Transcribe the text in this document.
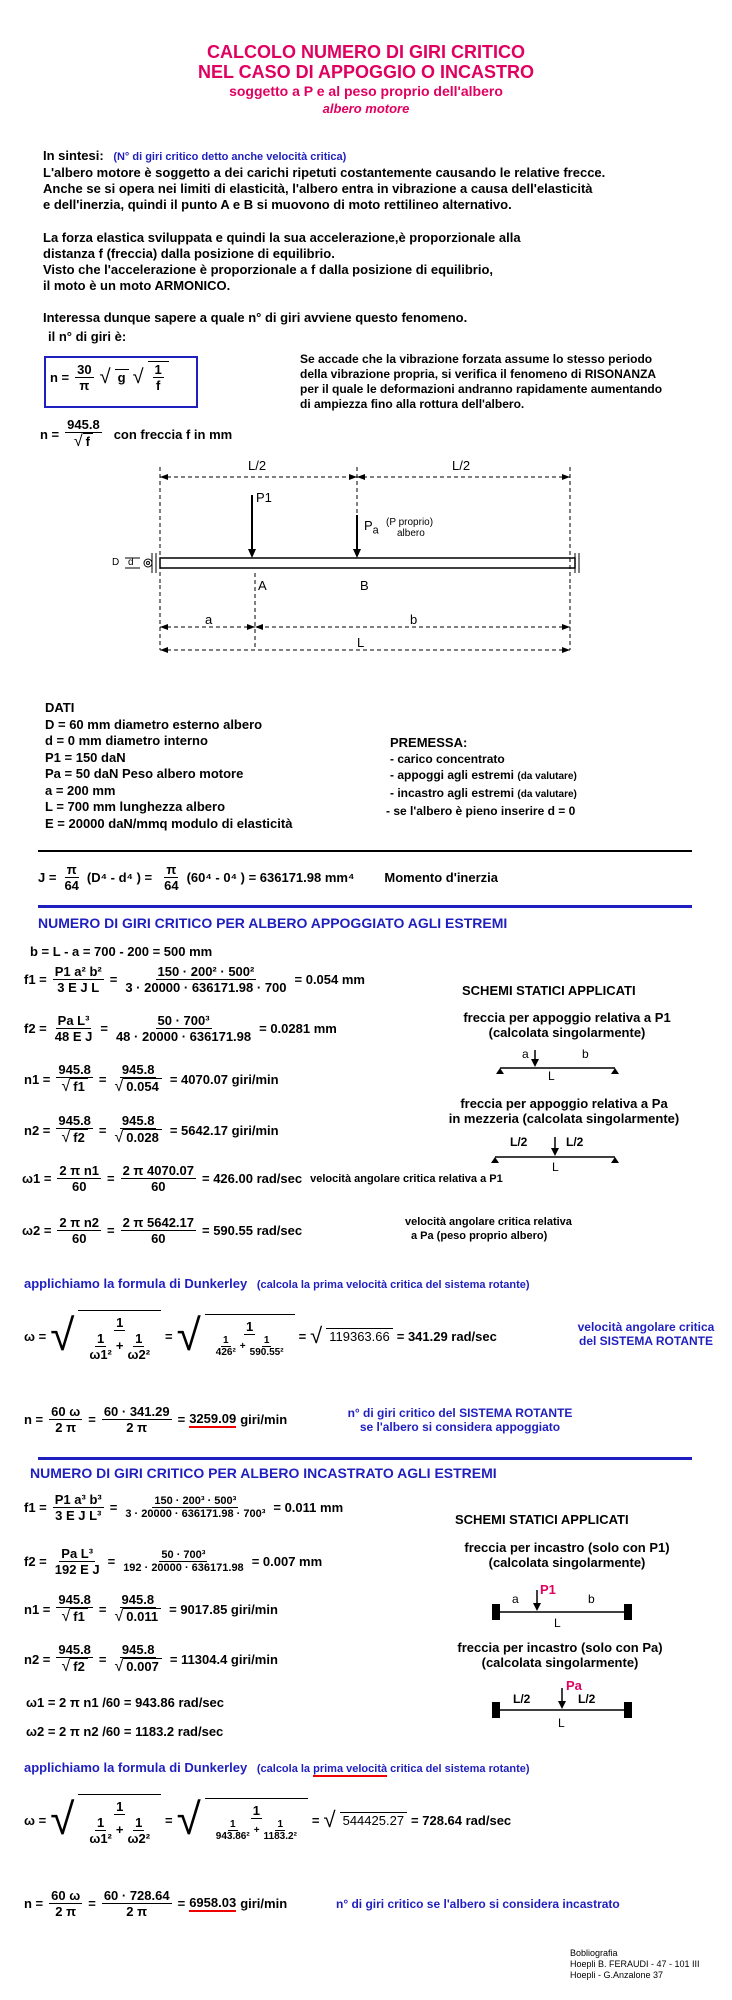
CALCOLO NUMERO DI GIRI CRITICO
NEL CASO DI APPOGGIO O INCASTRO
soggetto a P e al peso proprio dell'albero
albero motore
In sintesi: (N° di giri critico detto anche velocità critica)
L'albero motore è soggetto a dei carichi ripetuti costantemente causando le relative frecce.
Anche se si opera nei limiti di elasticità, l'albero entra in vibrazione a causa dell'elasticità
e dell'inerzia, quindi il punto A e B si muovono di moto rettilineo alternativo.
La forza elastica sviluppata e quindi la sua accelerazione,è proporzionale alla
distanza f (freccia) dalla posizione di equilibrio.
Visto che l'accelerazione è proporzionale a f dalla posizione di equilibrio,
il moto è un moto ARMONICO.
Interessa dunque sapere a quale n° di giri avviene questo fenomeno.
il n° di giri è:
$n = \frac{30}{\pi}$ √ g √ $\frac{1}{f}$
Se accade che la vibrazione forzata assume lo stesso periodo
della vibrazione propria, si verifica il fenomeno di RISONANZA
per il quale le deformazioni andranno rapidamente aumentando
di ampiezza fino alla rottura dell'albero.
$n = \frac{945.8}{√ f}$ con freccia f in mm
L/2	L/2
P1
$P_a$
(P proprio)
albero
D d
A	B
a	b
L
DATI
D = 60 mm diametro esterno albero
d = 0 mm diametro interno
P1 = 150 daN
Pa = 50 daN Peso albero motore
a = 200 mm
L = 700 mm lunghezza albero
E = 20000 daN/mmq modulo di elasticità
PREMESSA:
- carico concentrato
- appoggi agli estremi (da valutare)
- incastro agli estremi (da valutare)
- se l'albero è pieno inserire d = 0
$J = \frac{\pi}{64} (D^4 - d^4$ ) = $\frac{\pi}{64} (60^4 - 0^4$ ) = 636171.98 mm⁴ Momento d'inerzia
NUMERO DI GIRI CRITICO PER ALBERO APPOGGIATO AGLI ESTREMI
b = L - a = 700 - 200 = 500 mm
$f1 = \frac{\text{P1 a² b²}}{\text{3 E J L}} = \frac{\text{150 · 200² · 500²}}{3 \cdot 20000 \cdot 636171.98 \cdot 700} = 0.054$ mm
$f2 = \frac{\text{Pa L³}}{\text{48 E J}} = \frac{\text{50 · 700³}}{48 \cdot 20000 \cdot 636171.98} = 0.0281$ mm
$n1 = \frac{945.8}{√ f1} = \frac{945.8}{√ 0.054} = 4070.07$ giri/min
$n2 = \frac{945.8}{√ f2} = \frac{945.8}{√ 0.028} = 5642.17$ giri/min
$\omega 1 = \frac{\text{2 π n1}}{60} = \frac{2 \pi 4070.07}{60} = 426.00$ rad/sec velocità angolare critica relativa a P1
$\omega 2 = \frac{\text{2 π n2}}{60} = \frac{2 \pi 5642.17}{60} = 590.55$ rad/sec
velocità angolare critica relativa
a Pa (peso proprio albero)
SCHEMI STATICI APPLICATI
freccia per appoggio relativa a P1
(calcolata singolarmente)
a	b
L
freccia per appoggio relativa a Pa
in mezzeria (calcolata singolarmente)
L/2	L/2
L
applichiamo la formula di Dunkerley (calcola la prima velocità critica del sistema rotante)
ω = √ $\frac{1}{\frac{1}{\text{ω1²}} + \frac{1}{\text{ω2²}}}$ = √ $\frac{1}{\frac{1}{\text{426²}} + \frac{1}{\text{590.55²}}}$ = √ 119363.66 = 341.29 rad/sec
velocità angolare critica
del SISTEMA ROTANTE
$n = \frac{60 \omega}{2 \pi} = \frac{60 \cdot 341.29}{2 \pi} = 3259.09$ giri/min	n° di giri critico del SISTEMA ROTANTE
se l'albero si considera appoggiato
NUMERO DI GIRI CRITICO PER ALBERO INCASTRATO AGLI ESTREMI
$f1 = \frac{\text{P1 a³ b³}}{\text{3 E J L³}} = \frac{\text{150 · 200³ · 500³}}{\text{3 · 20000 · 636171.98 · 700³}} = 0.011$ mm
$f2 = \frac{\text{Pa L³}}{\text{192 E J}} = \frac{\text{50 · 700³}}{192 \cdot 20000 \cdot 636171.98} = 0.007$ mm
$n1 = \frac{945.8}{√ f1} = \frac{945.8}{√ 0.011} = 9017.85$ giri/min
$n2 = \frac{945.8}{√ f2} = \frac{945.8}{√ 0.007} = 11304.4$ giri/min
ω1 = 2 π n1 /60 = 943.86 rad/sec
ω2 = 2 π n2 /60 = 1183.2 rad/sec
SCHEMI STATICI APPLICATI
freccia per incastro (solo con P1)
(calcolata singolarmente)
a
P1
b
L
freccia per incastro (solo con Pa)
(calcolata singolarmente)
L/2
Pa
L/2
L
applichiamo la formula di Dunkerley (calcola la prima velocità critica del sistema rotante)
ω = √ $\frac{1}{\frac{1}{\text{ω1²}} + \frac{1}{\text{ω2²}}}$ = √ $\frac{1}{\frac{1}{\text{943.86²}} + \frac{1}{\text{1183.2²}}}$ = √ 544425.27 = 728.64 rad/sec
$n = \frac{60 \omega}{2 \pi} = \frac{60 \cdot 728.64}{2 \pi} = 6958.03$ giri/min	n° di giri critico se l'albero si considera incastrato
Bobliografia
Hoepli B. FERAUDI - 47 - 101 III
Hoepli - G.Anzalone 37
